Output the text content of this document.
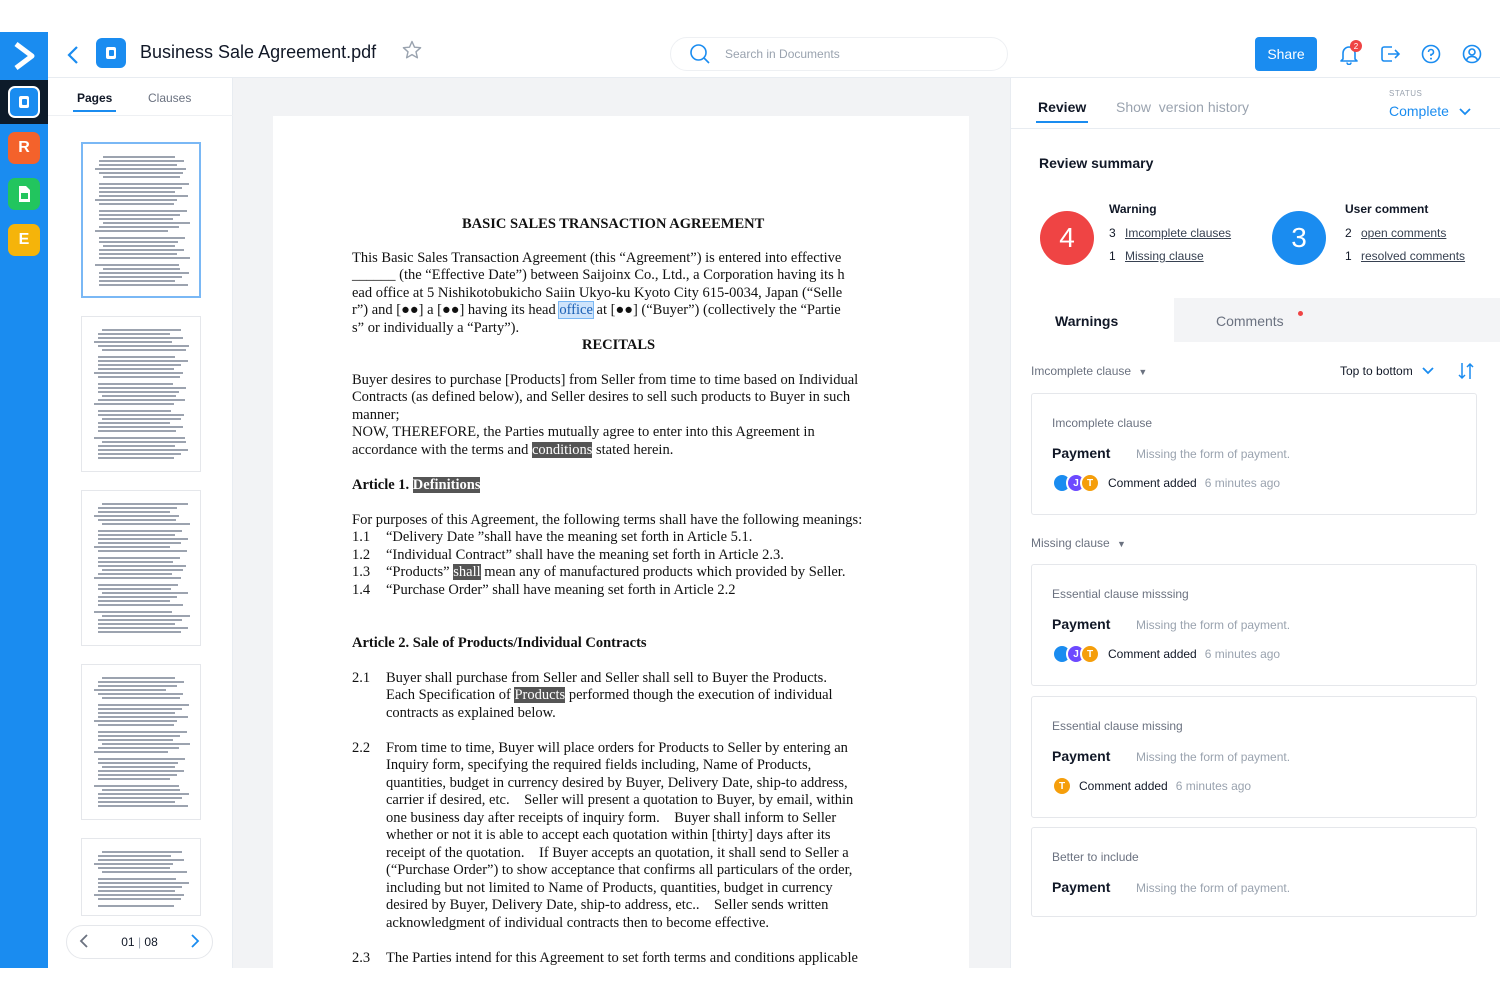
R
E
Business Sale Agreement.pdf
Search in Documents	Share	2
Pages	Clauses
01 | 08
BASIC SALES TRANSACTION AGREEMENT
This Basic Sales Transaction Agreement (this “Agreement”) is entered into effective
______ (the “Effective Date”) between Saijoinx Co., Ltd., a Corporation having its h
ead office at 5 Nishikotobukicho Saiin Ukyo-ku Kyoto City 615-0034, Japan (“Selle
r”) and [●●] a [●●] having its head office at [●●] (“Buyer”) (collectively the “Partie
s” or individually a “Party”).
RECITALS
Buyer desires to purchase [Products] from Seller from time to time based on Individual
Contracts (as defined below), and Seller desires to sell such products to Buyer in such
manner;
NOW, THEREFORE, the Parties mutually agree to enter into this Agreement in
accordance with the terms and conditions stated herein.
Article 1. Definitions
For purposes of this Agreement, the following terms shall have the following meanings:
1.1 “Delivery Date ”shall have the meaning set forth in Article 5.1.
1.2 “Individual Contract” shall have the meaning set forth in Article 2.3.
1.3 “Products” shall mean any of manufactured products which provided by Seller.
1.4 “Purchase Order” shall have meaning set forth in Article 2.2
Article 2. Sale of Products/Individual Contracts
2.1 Buyer shall purchase from Seller and Seller shall sell to Buyer the Products.
Each Specification of Products performed though the execution of individual
contracts as explained below.
2.2 From time to time, Buyer will place orders for Products to Seller by entering an
Inquiry form, specifying the required fields including, Name of Products,
quantities, budget in currency desired by Buyer, Delivery Date, ship-to address,
carrier if desired, etc.    Seller will present a quotation to Buyer, by email, within
one business day after receipts of inquiry form.    Buyer shall inform to Seller
whether or not it is able to accept each quotation within [thirty] days after its
receipt of the quotation.    If Buyer accepts an quotation, it shall send to Seller a
(“Purchase Order”) to show acceptance that confirms all particulars of the order,
including but not limited to Name of Products, quantities, budget in currency
desired by Buyer, Delivery Date, ship-to address, etc..    Seller sends written
acknowledgment of individual contracts then to become effective.
2.3 The Parties intend for this Agreement to set forth terms and conditions applicable
Review Show  version history
STATUS
Complete
Review summary
4
Warning
3 Imcomplete clauses
1 Missing clause
3
User comment
2 open comments
1 resolved comments
Warnings	Comments
Imcomplete clause ▼	Top to bottom
Imcomplete clause
Payment Missing the form of payment.
J T	Comment added 6 minutes ago
Missing clause ▼
Essential clause misssing
Payment Missing the form of payment.
J T	Comment added 6 minutes ago
Essential clause missing
Payment Missing the form of payment.
T	Comment added 6 minutes ago
Better to include
Payment Missing the form of payment.
